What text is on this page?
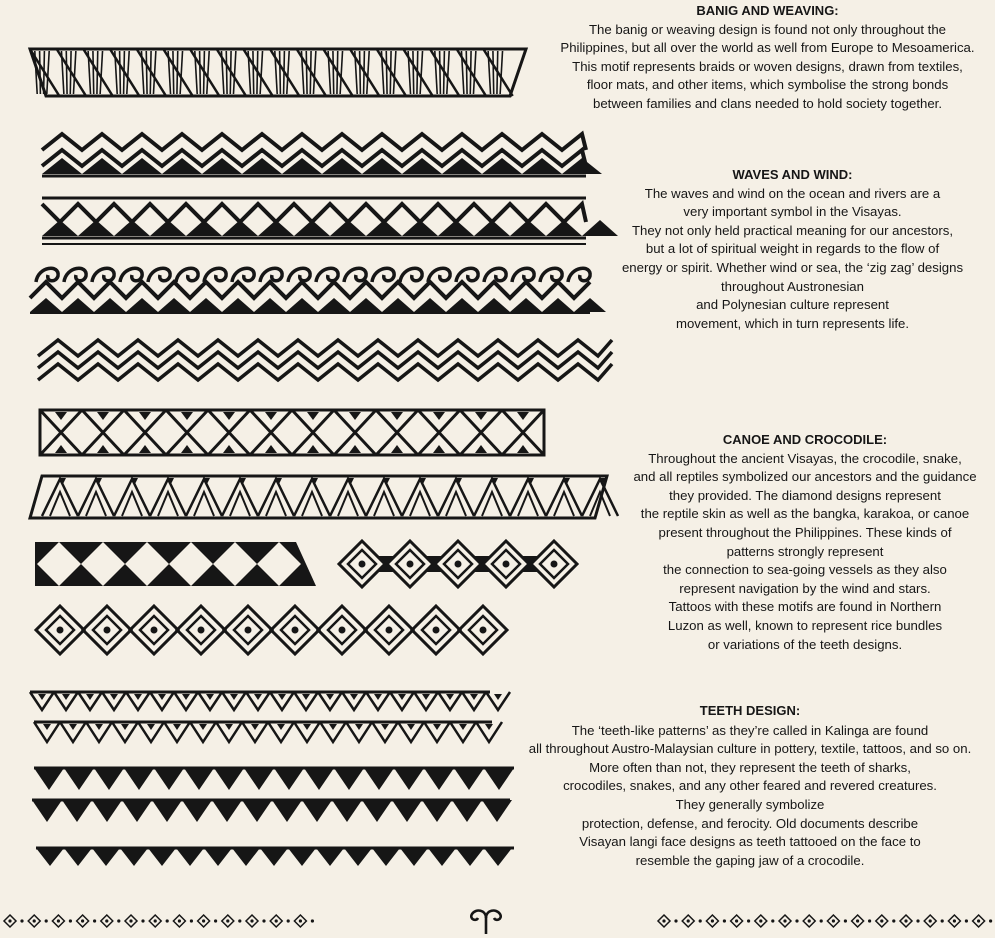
BANIG AND WEAVING:
The banig or weaving design is found not only throughout the
Philippines, but all over the world as well from Europe to Mesoamerica.
This motif represents braids or woven designs, drawn from textiles,
floor mats, and other items, which symbolise the strong bonds
between families and clans needed to hold society together.
WAVES AND WIND:
The waves and wind on the ocean and rivers are a
very important symbol in the Visayas.
They not only held practical meaning for our ancestors,
but a lot of spiritual weight in regards to the flow of
energy or spirit. Whether wind or sea, the ‘zig zag’ designs
throughout Austronesian
and Polynesian culture represent
movement, which in turn represents life.
CANOE AND CROCODILE:
Throughout the ancient Visayas, the crocodile, snake,
and all reptiles symbolized our ancestors and the guidance
they provided. The diamond designs represent
the reptile skin as well as the bangka, karakoa, or canoe
present throughout the Philippines. These kinds of
patterns strongly represent
the connection to sea-going vessels as they also
represent navigation by the wind and stars.
Tattoos with these motifs are found in Northern
Luzon as well, known to represent rice bundles
or variations of the teeth designs.
TEETH DESIGN:
The ‘teeth-like patterns’ as they’re called in Kalinga are found
all throughout Austro-Malaysian culture in pottery, textile, tattoos, and so on.
More often than not, they represent the teeth of sharks,
crocodiles, snakes, and any other feared and revered creatures.
They generally symbolize
protection, defense, and ferocity. Old documents describe
Visayan langi face designs as teeth tattooed on the face to
resemble the gaping jaw of a crocodile.
